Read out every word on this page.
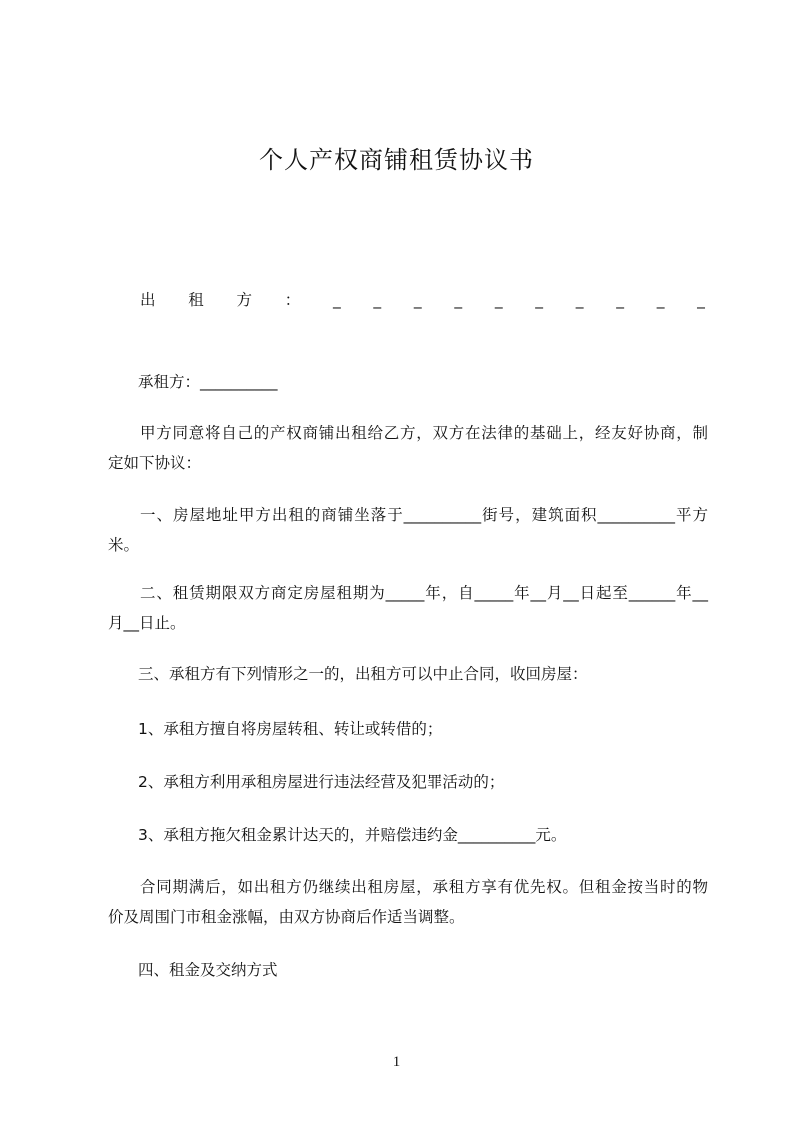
个人产权商铺租赁协议书
出 租 方 ： _ _ _ _ _ _ _ _ _ _
承租方：__________
甲方同意将自己的产权商铺出租给乙方，双方在法律的基础上，经友好协商，制
定如下协议：
一、房屋地址甲方出租的商铺坐落于__________街号，建筑面积__________平方
米。
二、租赁期限双方商定房屋租期为_____年，自_____年__月__日起至______年__
月__日止。
三、承租方有下列情形之一的，出租方可以中止合同，收回房屋：
1、承租方擅自将房屋转租、转让或转借的；
2、承租方利用承租房屋进行违法经营及犯罪活动的；
3、承租方拖欠租金累计达天的，并赔偿违约金__________元。
合同期满后，如出租方仍继续出租房屋，承租方享有优先权。但租金按当时的物
价及周围门市租金涨幅，由双方协商后作适当调整。
四、租金及交纳方式
1
